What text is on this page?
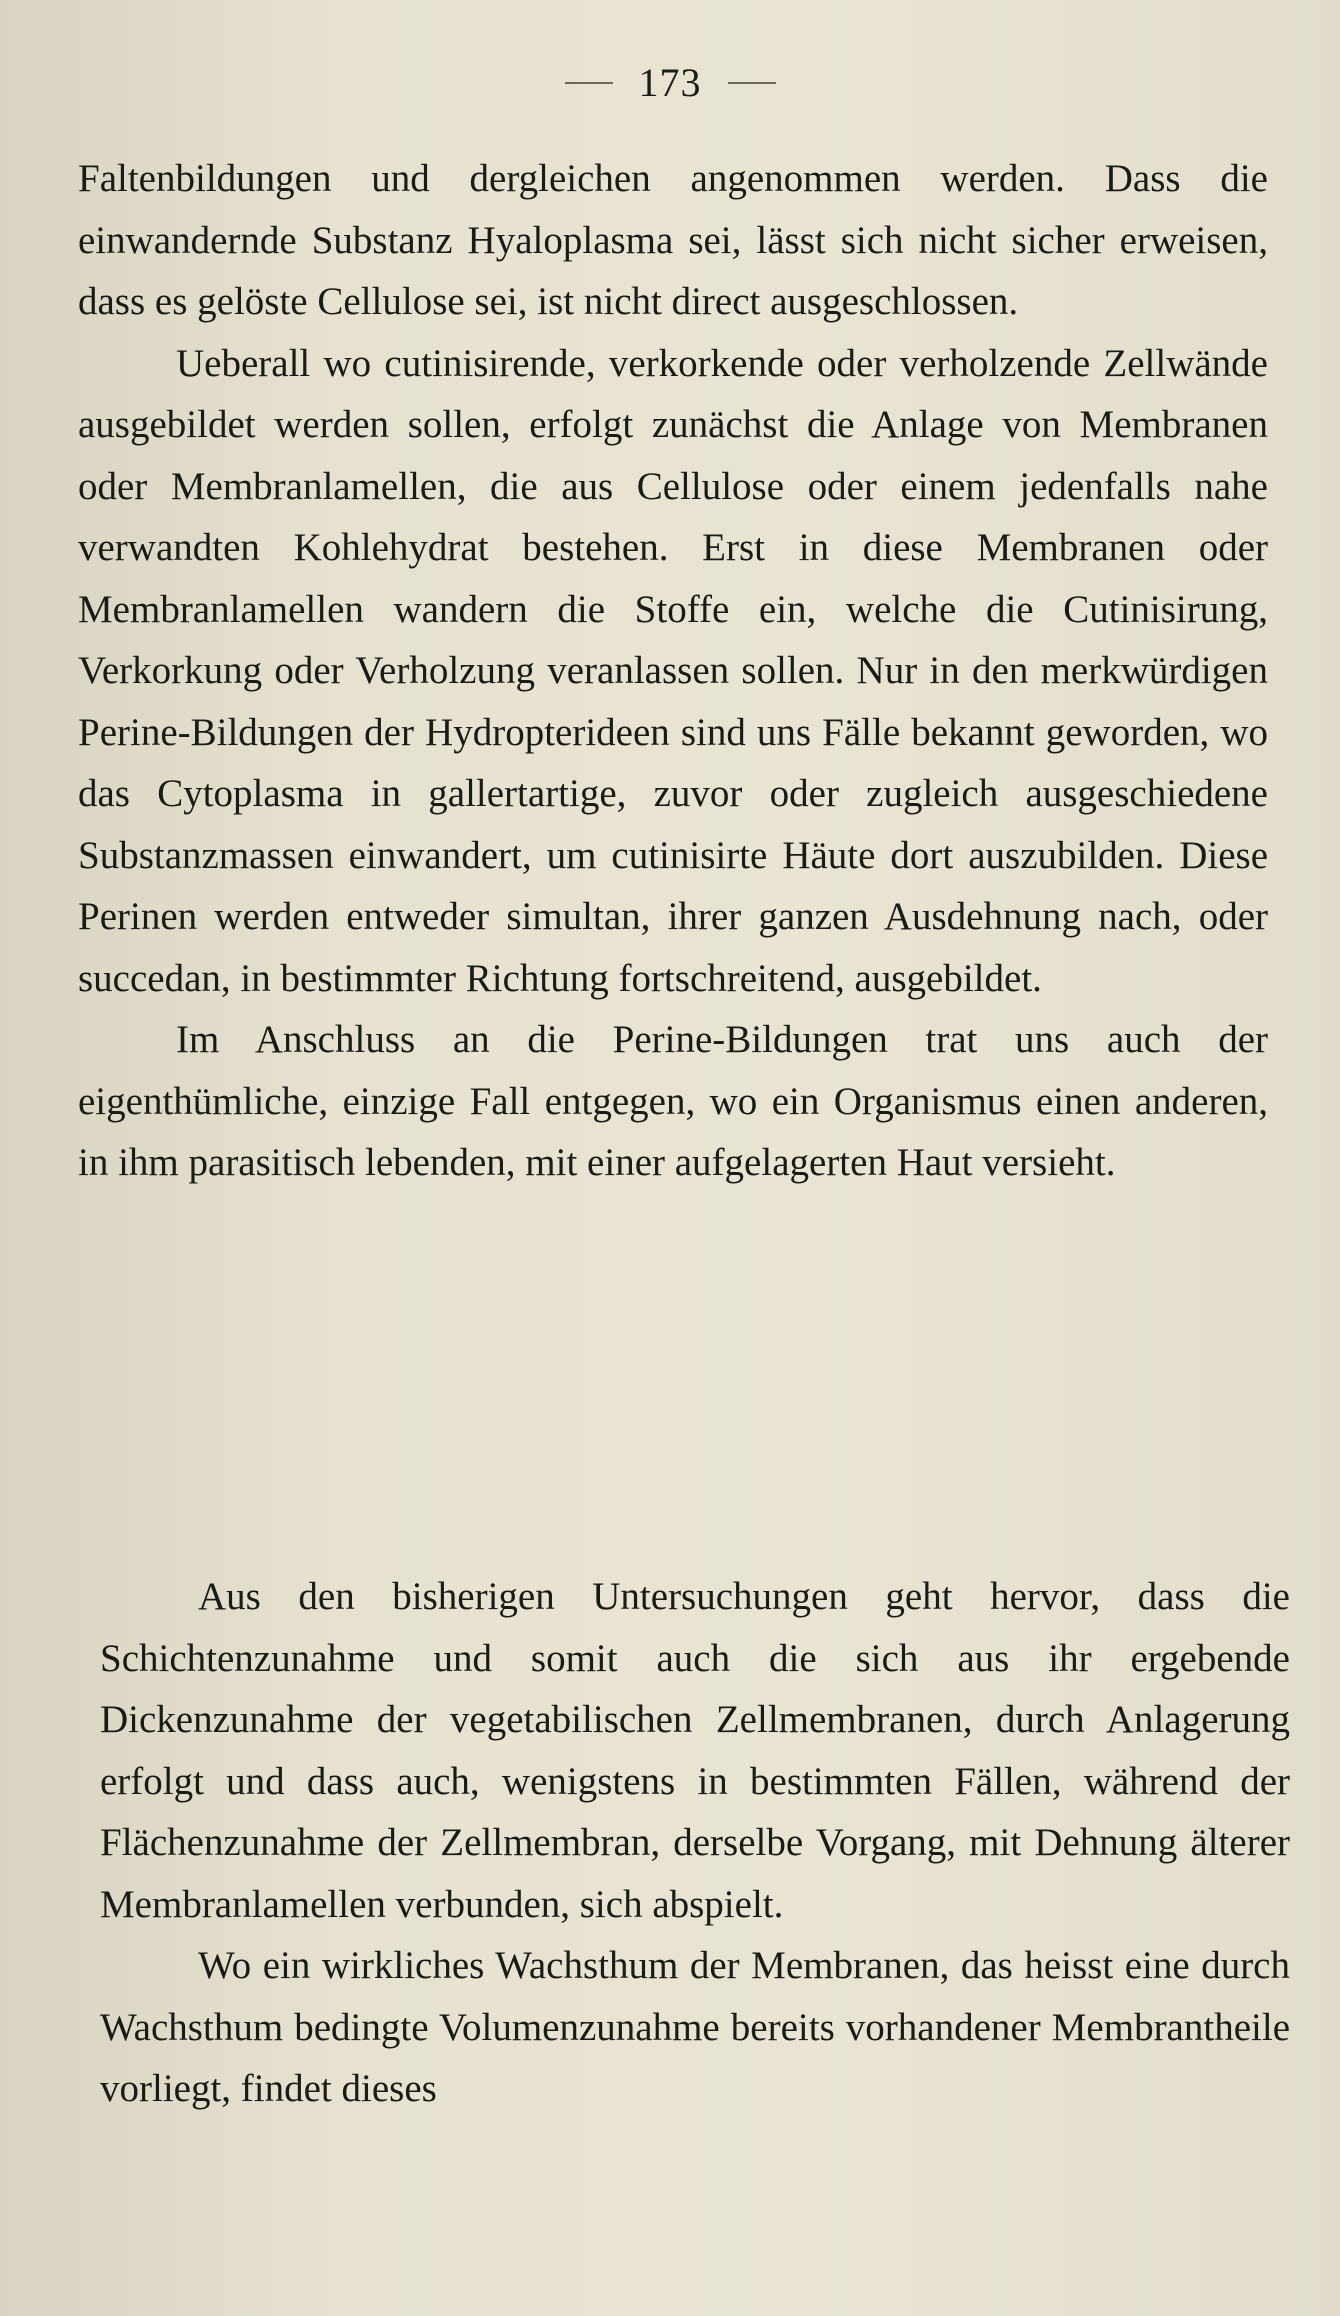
173

Faltenbildungen und dergleichen angenommen werden. Dass die einwandernde Substanz Hyaloplasma sei, lässt sich nicht sicher erweisen, dass es gelöste Cellulose sei, ist nicht direct ausgeschlossen.

Ueberall wo cutinisirende, verkorkende oder verholzende Zellwände ausgebildet werden sollen, erfolgt zunächst die Anlage von Membranen oder Membranlamellen, die aus Cellulose oder einem jedenfalls nahe verwandten Kohlehydrat bestehen. Erst in diese Membranen oder Membranlamellen wandern die Stoffe ein, welche die Cutinisirung, Verkorkung oder Verholzung veranlassen sollen. Nur in den merkwürdigen Perine-Bildungen der Hydropterideen sind uns Fälle bekannt geworden, wo das Cytoplasma in gallertartige, zuvor oder zugleich ausgeschiedene Substanzmassen einwandert, um cutinisirte Häute dort auszubilden. Diese Perinen werden entweder simultan, ihrer ganzen Ausdehnung nach, oder succedan, in bestimmter Richtung fortschreitend, ausgebildet.

Im Anschluss an die Perine-Bildungen trat uns auch der eigenthümliche, einzige Fall entgegen, wo ein Organismus einen anderen, in ihm parasitisch lebenden, mit einer aufgelagerten Haut versieht.

Aus den bisherigen Untersuchungen geht hervor, dass die Schichtenzunahme und somit auch die sich aus ihr ergebende Dickenzunahme der vegetabilischen Zellmembranen, durch Anlagerung erfolgt und dass auch, wenigstens in bestimmten Fällen, während der Flächenzunahme der Zellmembran, derselbe Vorgang, mit Dehnung älterer Membranlamellen verbunden, sich abspielt.

Wo ein wirkliches Wachsthum der Membranen, das heisst eine durch Wachsthum bedingte Volumenzunahme bereits vorhandener Membrantheile vorliegt, findet dieses
